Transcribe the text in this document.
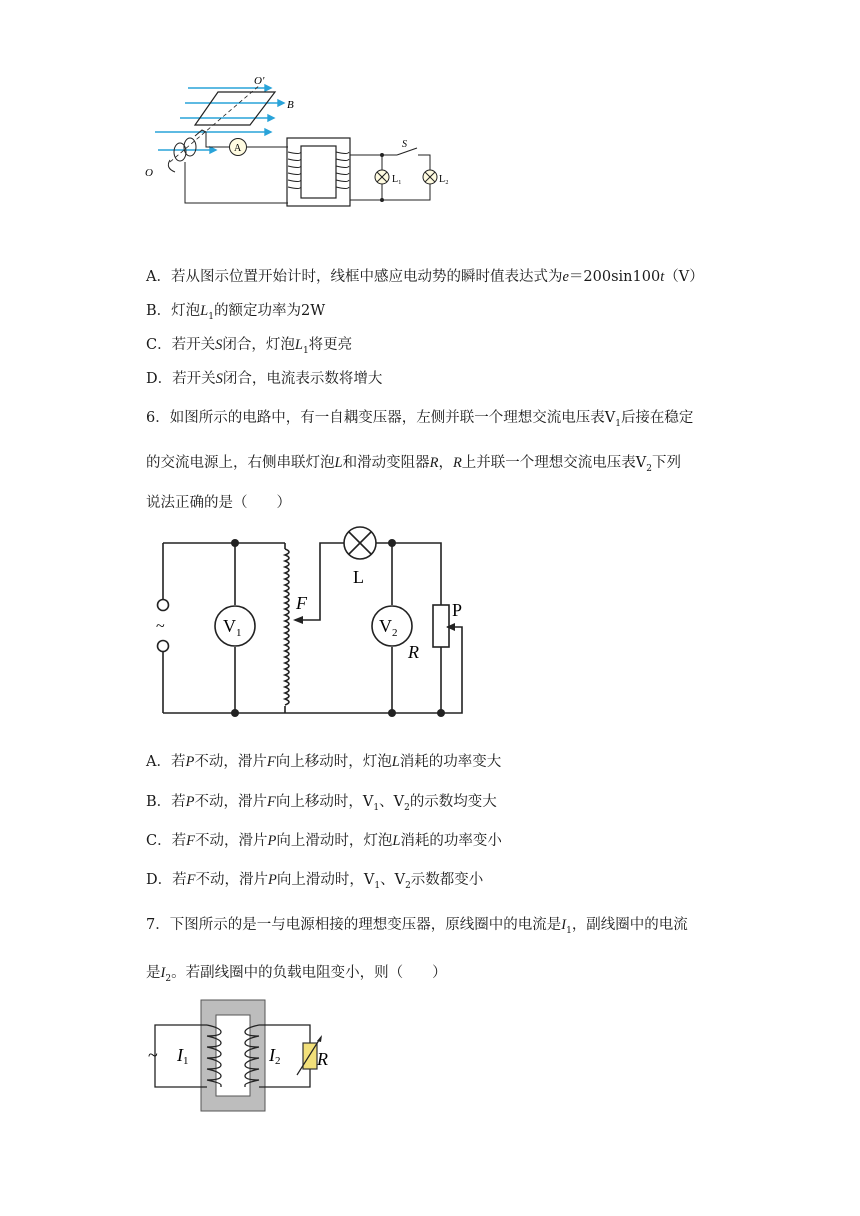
O'
B
O
A	S
L₁	L₂
A．若从图示位置开始计时，线框中感应电动势的瞬时值表达式为e＝200sin100t（V）
B．灯泡$L_1$的额定功率为2W
C．若开关S闭合，灯泡$L_1$将更亮
D．若开关S闭合，电流表示数将增大
6．如图所示的电路中，有一自耦变压器，左侧并联一个理想交流电压表$V_1$后接在稳定
的交流电源上，右侧串联灯泡L和滑动变阻器R，R上并联一个理想交流电压表$V_2$下列
说法正确的是（　　）
~	$V_1$
F
L
$V_2$
P
R
A．若P不动，滑片F向上移动时，灯泡L消耗的功率变大
B．若P不动，滑片F向上移动时，$V_1$、$V_2$的示数均变大
C．若F不动，滑片P向上滑动时，灯泡L消耗的功率变小
D．若F不动，滑片P向上滑动时，$V_1$、$V_2$示数都变小
7．下图所示的是一与电源相接的理想变压器，原线圈中的电流是$I_1$，副线圈中的电流
是$I_2$。若副线圈中的负载电阻变小，则（　　）
~ I1	I2 R
